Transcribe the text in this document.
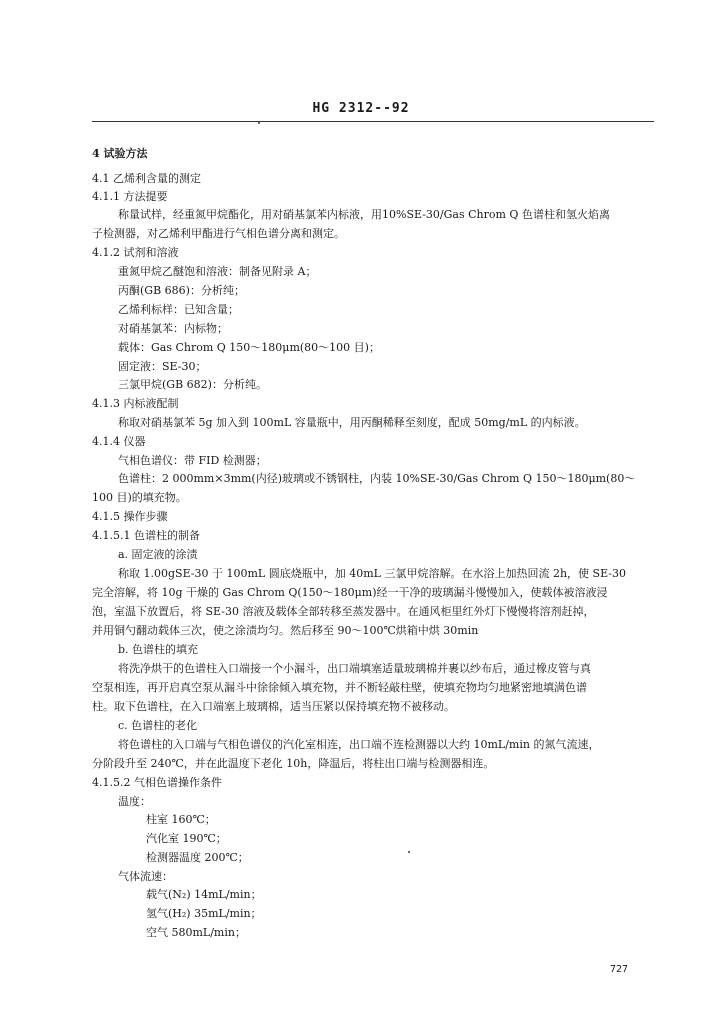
HG 2312--92
4 试验方法
4.1 乙烯利含量的测定
4.1.1 方法提要
称量试样，经重氮甲烷酯化，用对硝基氯苯内标液，用10%SE-30/Gas Chrom Q 色谱柱和氢火焰离
子检测器，对乙烯利甲酯进行气相色谱分离和测定。
4.1.2 试剂和溶液
重氮甲烷乙醚饱和溶液：制备见附录 A；
丙酮(GB 686)：分析纯；
乙烯利标样：已知含量；
对硝基氯苯：内标物；
载体：Gas Chrom Q 150～180μm(80～100 目)；
固定液：SE-30；
三氯甲烷(GB 682)：分析纯。
4.1.3 内标液配制
称取对硝基氯苯 5g 加入到 100mL 容量瓶中，用丙酮稀释至刻度，配成 50mg/mL 的内标液。
4.1.4 仪器
气相色谱仪：带 FID 检测器；
色谱柱：2 000mm×3mm(内径)玻璃或不锈钢柱，内装 10%SE-30/Gas Chrom Q 150～180μm(80～
100 目)的填充物。
4.1.5 操作步骤
4.1.5.1 色谱柱的制备
a. 固定液的涂渍
称取 1.00gSE-30 于 100mL 圆底烧瓶中，加 40mL 三氯甲烷溶解。在水浴上加热回流 2h，使 SE-30
完全溶解，将 10g 干燥的 Gas Chrom Q(150～180μm)经一干净的玻璃漏斗慢慢加入，使载体被溶液浸
泡，室温下放置后，将 SE-30 溶液及载体全部转移至蒸发器中。在通风柜里红外灯下慢慢将溶剂赶掉，
并用铜勺翻动载体三次，使之涂渍均匀。然后移至 90～100℃烘箱中烘 30min
b. 色谱柱的填充
将洗净烘干的色谱柱入口端接一个小漏斗，出口端填塞适量玻璃棉并裹以纱布后，通过橡皮管与真
空泵相连，再开启真空泵从漏斗中徐徐倾入填充物，并不断轻敲柱壁，使填充物均匀地紧密地填满色谱
柱。取下色谱柱，在入口端塞上玻璃棉，适当压紧以保持填充物不被移动。
c. 色谱柱的老化
将色谱柱的入口端与气相色谱仪的汽化室相连，出口端不连检测器以大约 10mL/min 的氮气流速，
分阶段升至 240℃，并在此温度下老化 10h，降温后，将柱出口端与检测器相连。
4.1.5.2 气相色谱操作条件
温度：
柱室 160℃；
汽化室 190℃；
检测器温度 200℃；
气体流速：
载气(N₂) 14mL/min；
氢气(H₂) 35mL/min；
空气 580mL/min；
727
